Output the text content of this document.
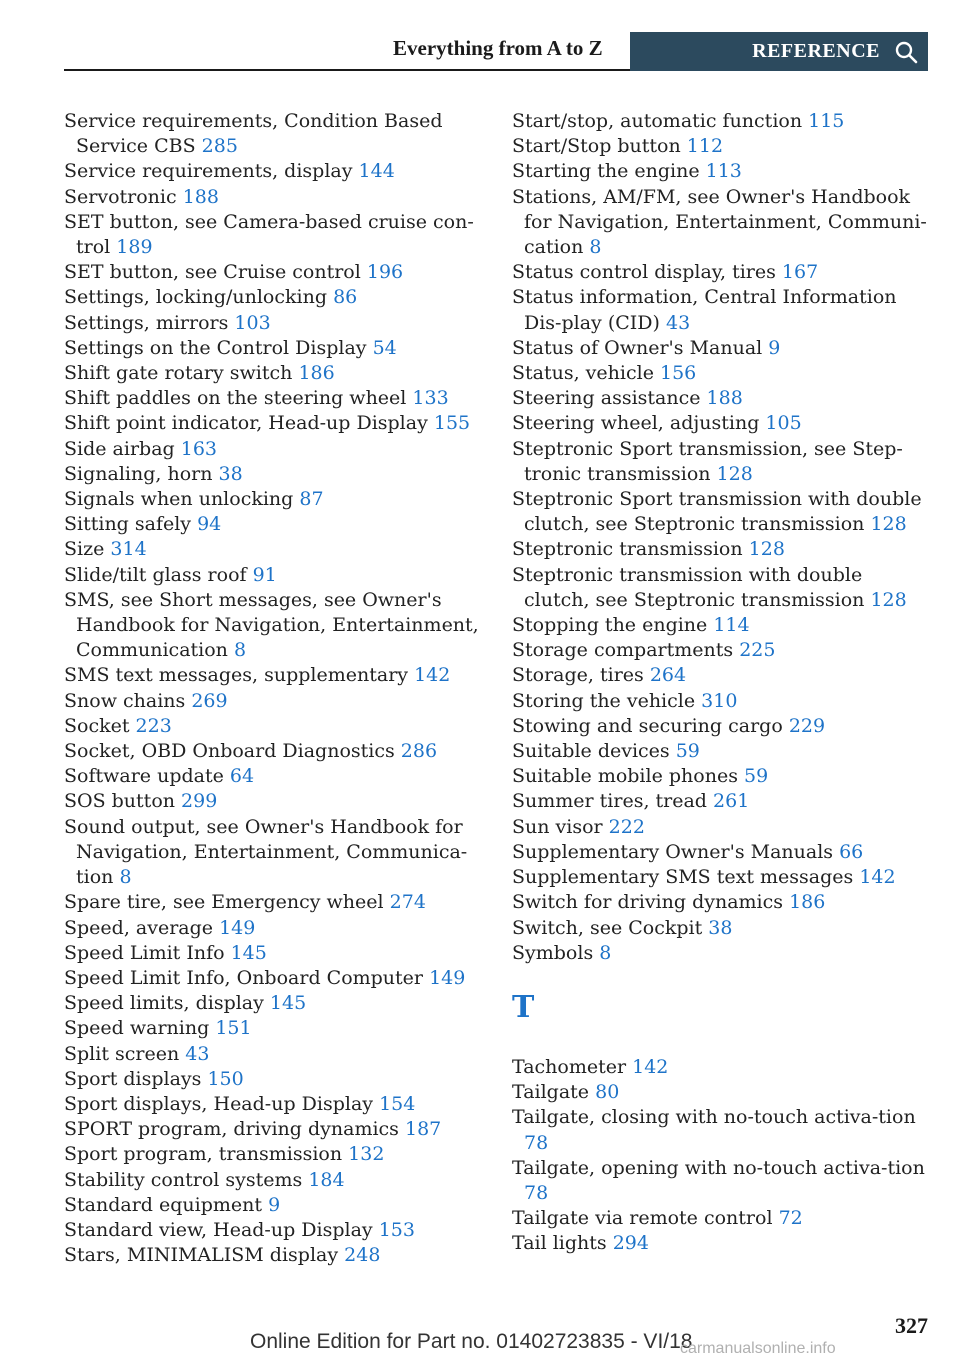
Everything from A to Z	REFERENCE
Service requirements, Condition Based Service CBS 285
Service requirements, display 144
Servotronic 188
SET button, see Camera-based cruise con-trol 189
SET button, see Cruise control 196
Settings, locking/unlocking 86
Settings, mirrors 103
Settings on the Control Display 54
Shift gate rotary switch 186
Shift paddles on the steering wheel 133
Shift point indicator, Head-up Display 155
Side airbag 163
Signaling, horn 38
Signals when unlocking 87
Sitting safely 94
Size 314
Slide/tilt glass roof 91
SMS, see Short messages, see Owner's Handbook for Navigation, Entertainment, Communication 8
SMS text messages, supplementary 142
Snow chains 269
Socket 223
Socket, OBD Onboard Diagnostics 286
Software update 64
SOS button 299
Sound output, see Owner's Handbook for Navigation, Entertainment, Communica-tion 8
Spare tire, see Emergency wheel 274
Speed, average 149
Speed Limit Info 145
Speed Limit Info, Onboard Computer 149
Speed limits, display 145
Speed warning 151
Split screen 43
Sport displays 150
Sport displays, Head-up Display 154
SPORT program, driving dynamics 187
Sport program, transmission 132
Stability control systems 184
Standard equipment 9
Standard view, Head-up Display 153
Stars, MINIMALISM display 248
Start/stop, automatic function 115
Start/Stop button 112
Starting the engine 113
Stations, AM/FM, see Owner's Handbook for Navigation, Entertainment, Communi-cation 8
Status control display, tires 167
Status information, Central Information Dis-play (CID) 43
Status of Owner's Manual 9
Status, vehicle 156
Steering assistance 188
Steering wheel, adjusting 105
Steptronic Sport transmission, see Step-tronic transmission 128
Steptronic Sport transmission with double clutch, see Steptronic transmission 128
Steptronic transmission 128
Steptronic transmission with double clutch, see Steptronic transmission 128
Stopping the engine 114
Storage compartments 225
Storage, tires 264
Storing the vehicle 310
Stowing and securing cargo 229
Suitable devices 59
Suitable mobile phones 59
Summer tires, tread 261
Sun visor 222
Supplementary Owner's Manuals 66
Supplementary SMS text messages 142
Switch for driving dynamics 186
Switch, see Cockpit 38
Symbols 8
T
Tachometer 142
Tailgate 80
Tailgate, closing with no-touch activa-tion 78
Tailgate, opening with no-touch activa-tion 78
Tailgate via remote control 72
Tail lights 294
327
Online Edition for Part no. 01402723835 - VI/18
carmanualsonline.info
